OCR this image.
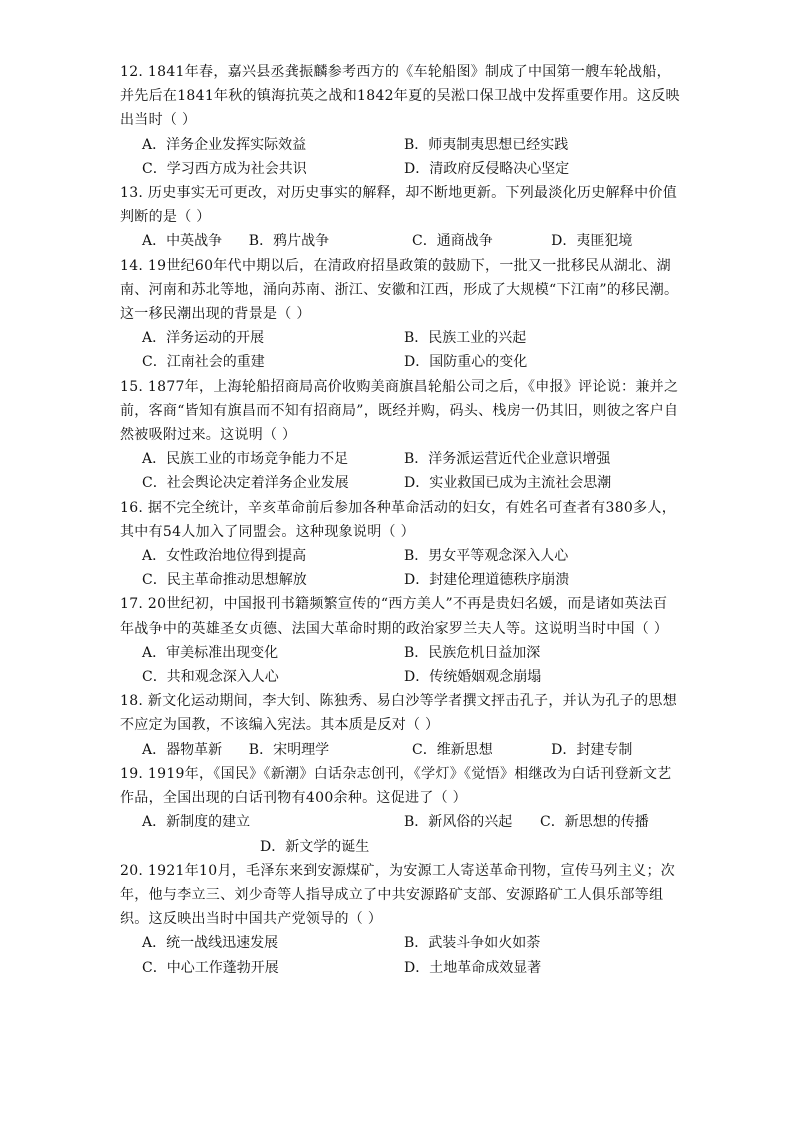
12. 1841年春，嘉兴县丞龚振麟参考西方的《车轮船图》制成了中国第一艘车轮战船，并先后在1841年秋的镇海抗英之战和1842年夏的吴淞口保卫战中发挥重要作用。这反映出当时（ ）

A．洋务企业发挥实际效益	B．师夷制夷思想已经实践
C．学习西方成为社会共识	D．清政府反侵略决心坚定

13. 历史事实无可更改，对历史事实的解释，却不断地更新。下列最淡化历史解释中价值判断的是（ ）

A．中英战争	B．鸦片战争	C．通商战争	D．夷匪犯境

14. 19世纪60年代中期以后，在清政府招垦政策的鼓励下，一批又一批移民从湖北、湖南、河南和苏北等地，涌向苏南、浙江、安徽和江西，形成了大规模“下江南”的移民潮。这一移民潮出现的背景是（ ）

A．洋务运动的开展	B．民族工业的兴起
C．江南社会的重建	D．国防重心的变化

15. 1877年，上海轮船招商局高价收购美商旗昌轮船公司之后，《申报》评论说：兼并之前，客商“皆知有旗昌而不知有招商局”，既经并购，码头、栈房一仍其旧，则彼之客户自然被吸附过来。这说明（ ）

A．民族工业的市场竞争能力不足	B．洋务派运营近代企业意识增强
C．社会舆论决定着洋务企业发展	D．实业救国已成为主流社会思潮

16. 据不完全统计，辛亥革命前后参加各种革命活动的妇女，有姓名可查者有380多人，其中有54人加入了同盟会。这种现象说明（ ）

A．女性政治地位得到提高	B．男女平等观念深入人心
C．民主革命推动思想解放	D．封建伦理道德秩序崩溃

17. 20世纪初，中国报刊书籍频繁宣传的“西方美人”不再是贵妇名媛，而是诸如英法百年战争中的英雄圣女贞德、法国大革命时期的政治家罗兰夫人等。这说明当时中国（ ）

A．审美标准出现变化	B．民族危机日益加深
C．共和观念深入人心	D．传统婚姻观念崩塌

18. 新文化运动期间，李大钊、陈独秀、易白沙等学者撰文抨击孔子，并认为孔子的思想不应定为国教，不该编入宪法。其本质是反对（ ）

A．器物革新	B．宋明理学	C．维新思想	D．封建专制

19. 1919年，《国民》《新潮》白话杂志创刊，《学灯》《觉悟》相继改为白话刊登新文艺作品，全国出现的白话刊物有400余种。这促进了（ ）

A．新制度的建立	B．新风俗的兴起	C．新思想的传播
D．新文学的诞生

20. 1921年10月，毛泽东来到安源煤矿，为安源工人寄送革命刊物，宣传马列主义；次年，他与李立三、刘少奇等人指导成立了中共安源路矿支部、安源路矿工人俱乐部等组织。这反映出当时中国共产党领导的（ ）

A．统一战线迅速发展	B．武装斗争如火如荼
C．中心工作蓬勃开展	D．土地革命成效显著
